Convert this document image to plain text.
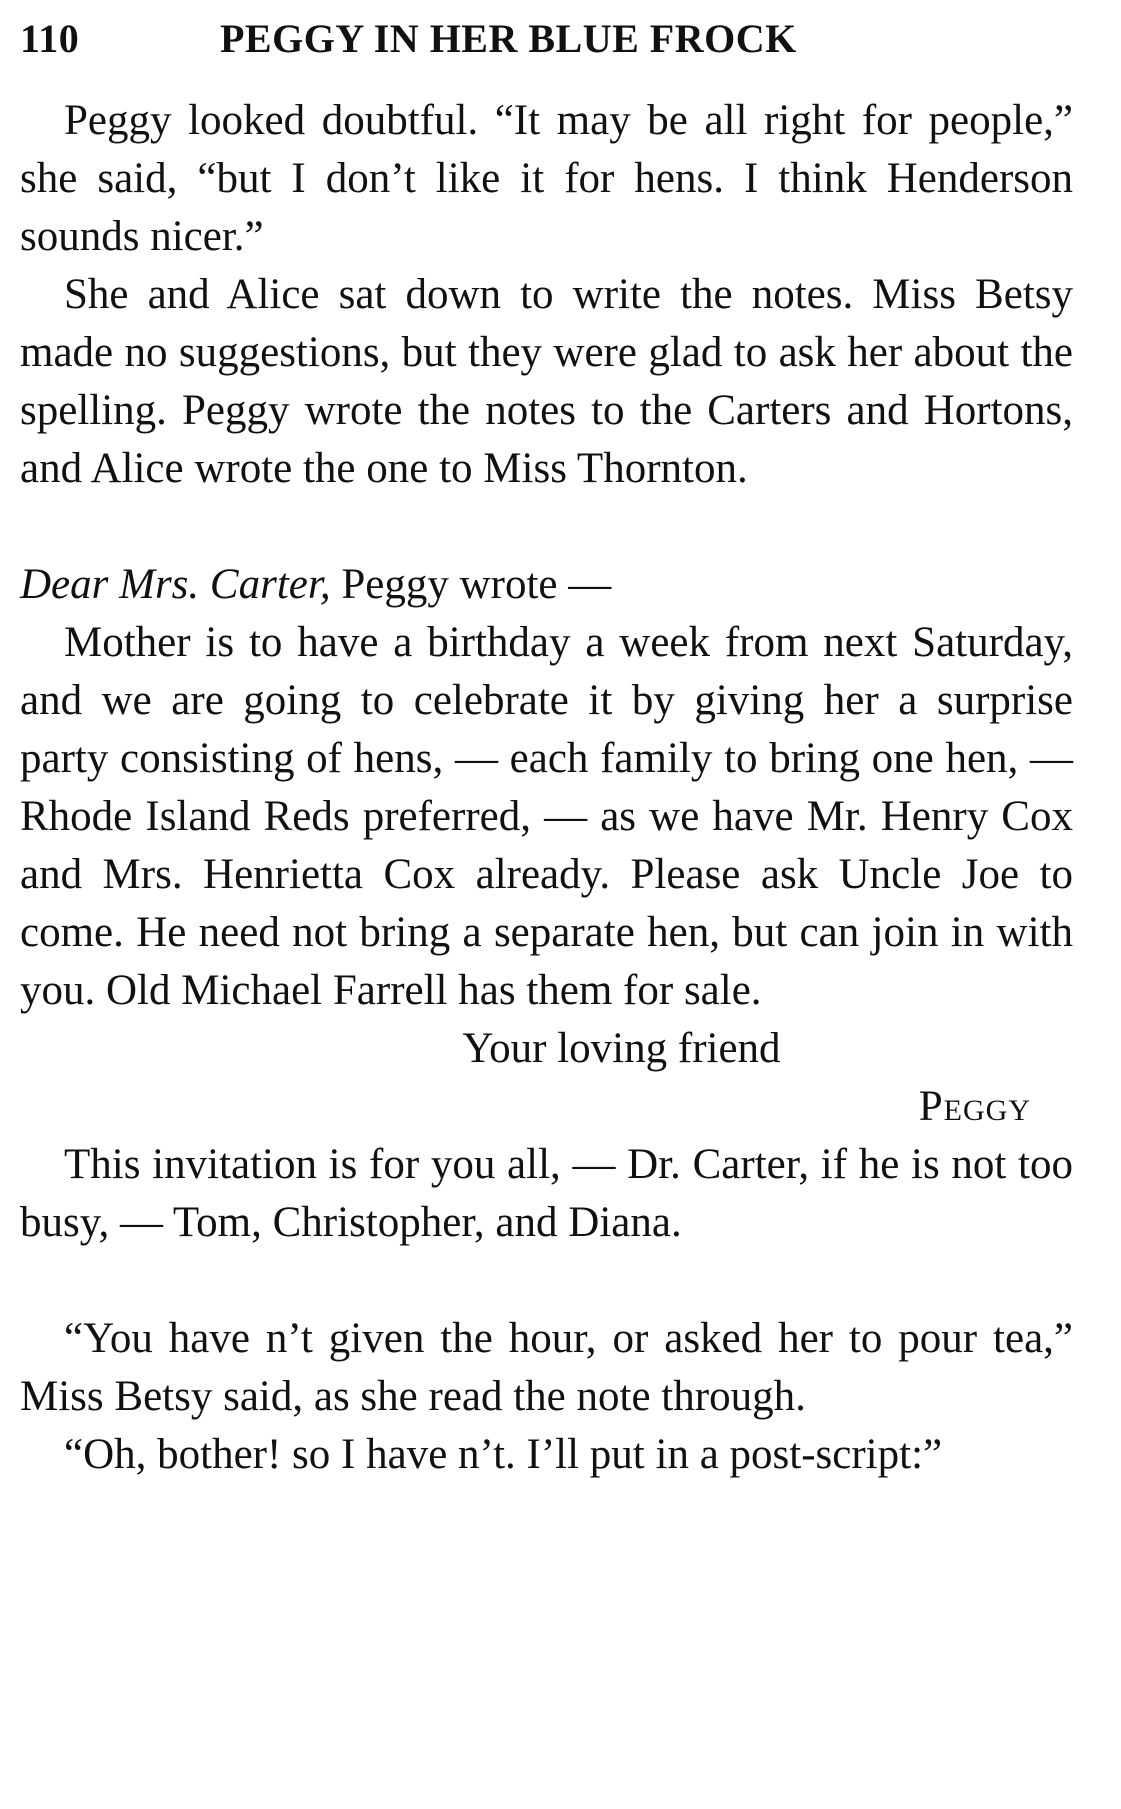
110	PEGGY IN HER BLUE FROCK

Peggy looked doubtful. “It may be all right for people,” she said, “but I don’t like it for hens. I think Henderson sounds nicer.”

She and Alice sat down to write the notes. Miss Betsy made no suggestions, but they were glad to ask her about the spelling. Peggy wrote the notes to the Carters and Hortons, and Alice wrote the one to Miss Thornton.

Dear Mrs. Carter, Peggy wrote —

Mother is to have a birthday a week from next Saturday, and we are going to celebrate it by giving her a surprise party consisting of hens, — each family to bring one hen, — Rhode Island Reds preferred, — as we have Mr. Henry Cox and Mrs. Henrietta Cox already. Please ask Uncle Joe to come. He need not bring a separate hen, but can join in with you. Old Michael Farrell has them for sale.

Your loving friend

Peggy

This invitation is for you all, — Dr. Carter, if he is not too busy, — Tom, Christopher, and Diana.

“You have n’t given the hour, or asked her to pour tea,” Miss Betsy said, as she read the note through.

“Oh, bother! so I have n’t. I’ll put in a post-script:”
